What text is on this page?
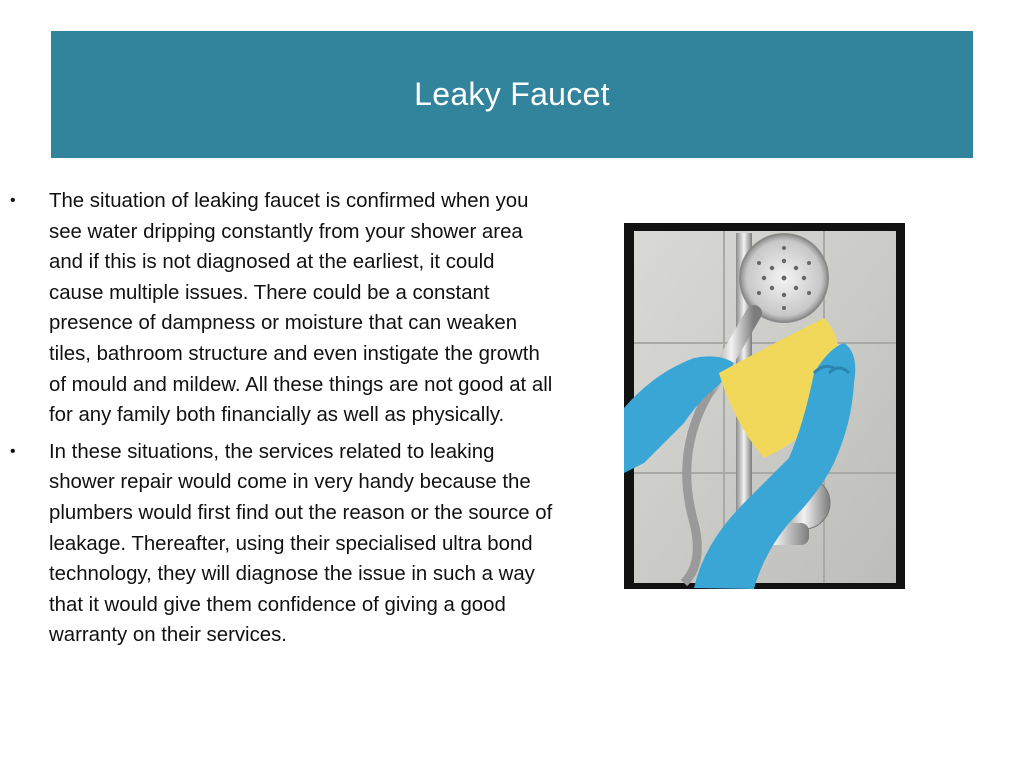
Leaky Faucet
• The situation of leaking faucet is confirmed when you see water dripping constantly from your shower area and if this is not diagnosed at the earliest, it could cause multiple issues. There could be a constant presence of dampness or moisture that can weaken tiles, bathroom structure and even instigate the growth of mould and mildew. All these things are not good at all for any family both financially as well as physically.
• In these situations, the services related to leaking shower repair would come in very handy because the plumbers would first find out the reason or the source of leakage. Thereafter, using their specialised ultra bond technology, they will diagnose the issue in such a way that it would give them confidence of giving a good warranty on their services.
